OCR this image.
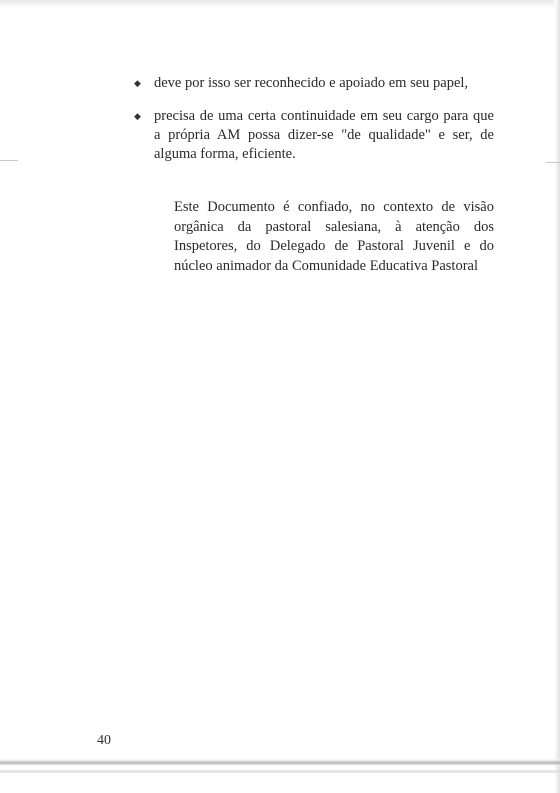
◆ deve por isso ser reconhecido e apoiado em seu papel,
◆ precisa de uma certa continuidade em seu cargo para que a própria AM possa dizer-se "de qualidade" e ser, de alguma forma, eficiente.

Este Documento é confiado, no contexto de visão orgânica da pastoral salesiana, à atenção dos Inspetores, do Delegado de Pastoral Juvenil e do núcleo animador da Comunidade Educativa Pastoral

40
